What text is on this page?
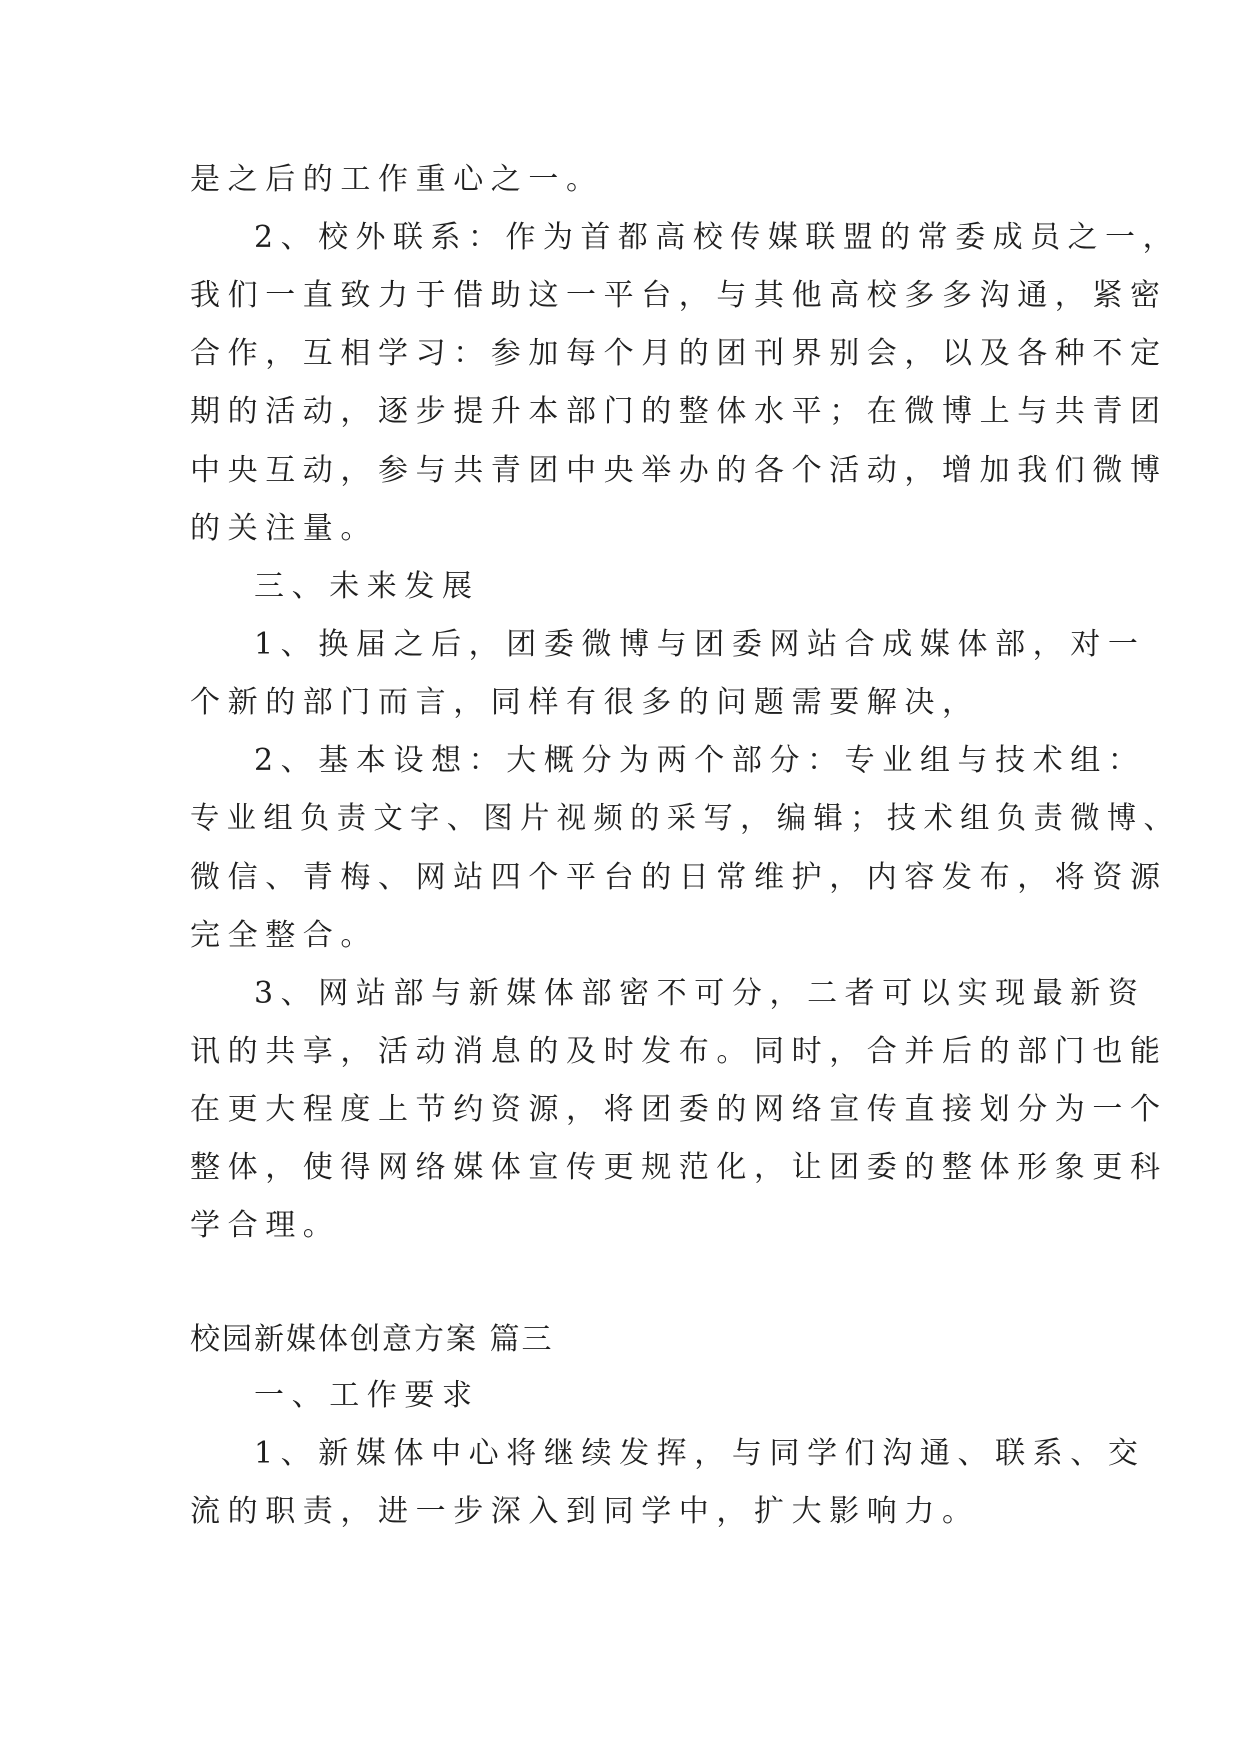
是之后的工作重心之一。
2、校外联系：作为首都高校传媒联盟的常委成员之一，
我们一直致力于借助这一平台，与其他高校多多沟通，紧密
合作，互相学习：参加每个月的团刊界别会，以及各种不定
期的活动，逐步提升本部门的整体水平；在微博上与共青团
中央互动，参与共青团中央举办的各个活动，增加我们微博
的关注量。
三、未来发展
1、换届之后，团委微博与团委网站合成媒体部，对一
个新的部门而言，同样有很多的问题需要解决，
2、基本设想：大概分为两个部分：专业组与技术组：
专业组负责文字、图片视频的采写，编辑；技术组负责微博、
微信、青梅、网站四个平台的日常维护，内容发布，将资源
完全整合。
3、网站部与新媒体部密不可分，二者可以实现最新资
讯的共享，活动消息的及时发布。同时，合并后的部门也能
在更大程度上节约资源，将团委的网络宣传直接划分为一个
整体，使得网络媒体宣传更规范化，让团委的整体形象更科
学合理。
校园新媒体创意方案 篇三
一、工作要求
1、新媒体中心将继续发挥，与同学们沟通、联系、交
流的职责，进一步深入到同学中，扩大影响力。
